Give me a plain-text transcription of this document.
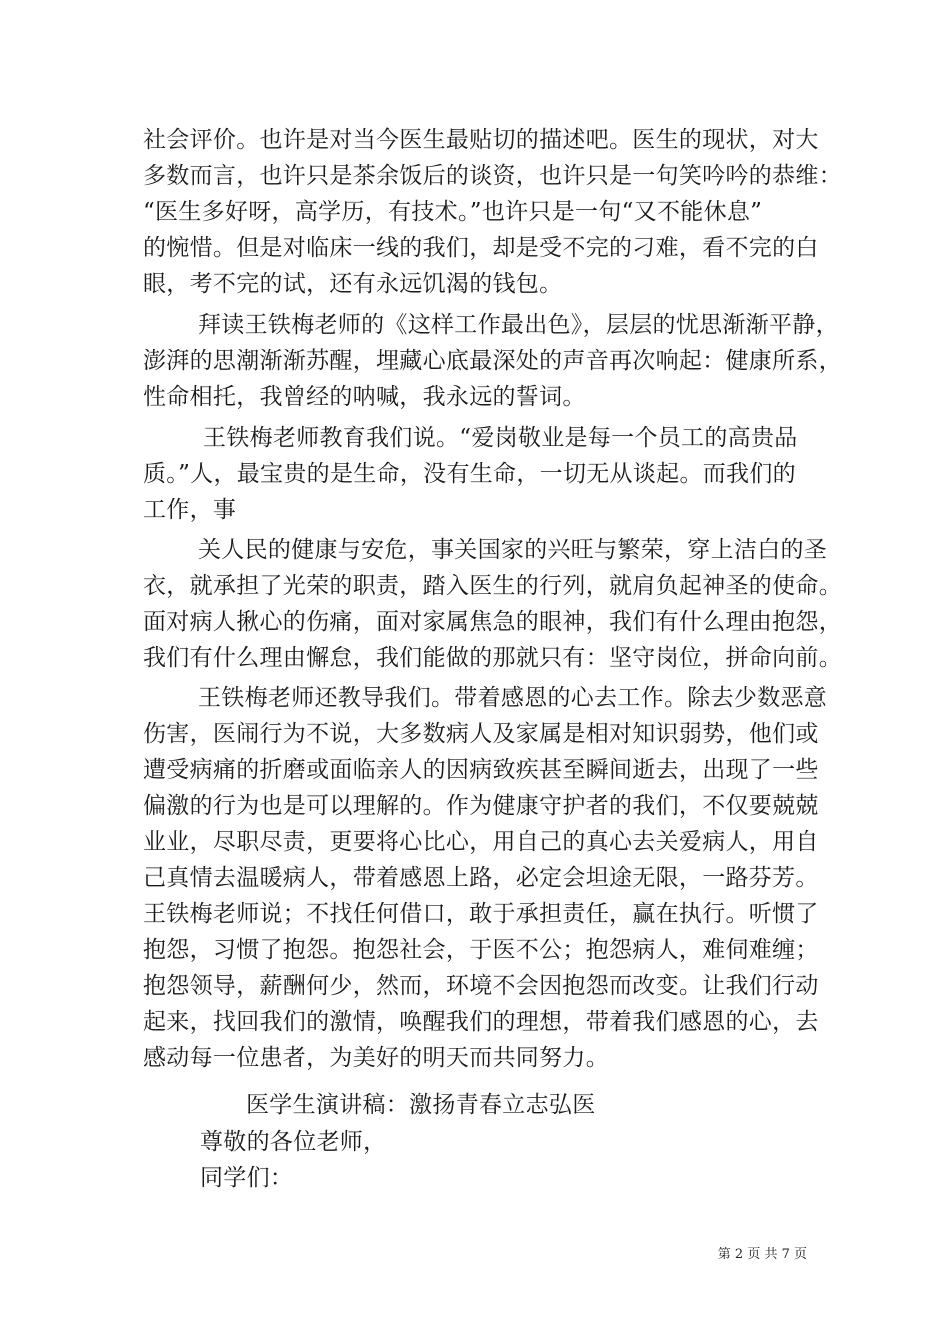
社会评价。也许是对当今医生最贴切的描述吧。医生的现状，对大
多数而言，也许只是茶余饭后的谈资，也许只是一句笑吟吟的恭维：
“医生多好呀，高学历，有技术。”也许只是一句“又不能休息”
的惋惜。但是对临床一线的我们，却是受不完的刁难，看不完的白
眼，考不完的试，还有永远饥渴的钱包。
拜读王铁梅老师的《这样工作最出色》，层层的忧思渐渐平静，
澎湃的思潮渐渐苏醒，埋藏心底最深处的声音再次响起：健康所系，
性命相托，我曾经的呐喊，我永远的誓词。
王铁梅老师教育我们说。“爱岗敬业是每一个员工的高贵品
质。”人，最宝贵的是生命，没有生命，一切无从谈起。而我们的
工作，事
关人民的健康与安危，事关国家的兴旺与繁荣，穿上洁白的圣
衣，就承担了光荣的职责，踏入医生的行列，就肩负起神圣的使命。
面对病人揪心的伤痛，面对家属焦急的眼神，我们有什么理由抱怨，
我们有什么理由懈怠，我们能做的那就只有：坚守岗位，拼命向前。
王铁梅老师还教导我们。带着感恩的心去工作。除去少数恶意
伤害，医闹行为不说，大多数病人及家属是相对知识弱势，他们或
遭受病痛的折磨或面临亲人的因病致疾甚至瞬间逝去，出现了一些
偏激的行为也是可以理解的。作为健康守护者的我们，不仅要兢兢
业业，尽职尽责，更要将心比心，用自己的真心去关爱病人，用自
己真情去温暖病人，带着感恩上路，必定会坦途无限，一路芬芳。
王铁梅老师说；不找任何借口，敢于承担责任，赢在执行。听惯了
抱怨，习惯了抱怨。抱怨社会，于医不公；抱怨病人，难伺难缠；
抱怨领导，薪酬何少，然而，环境不会因抱怨而改变。让我们行动
起来，找回我们的激情，唤醒我们的理想，带着我们感恩的心，去
感动每一位患者，为美好的明天而共同努力。
医学生演讲稿：激扬青春立志弘医
尊敬的各位老师，
同学们：
第 2 页 共 7 页
